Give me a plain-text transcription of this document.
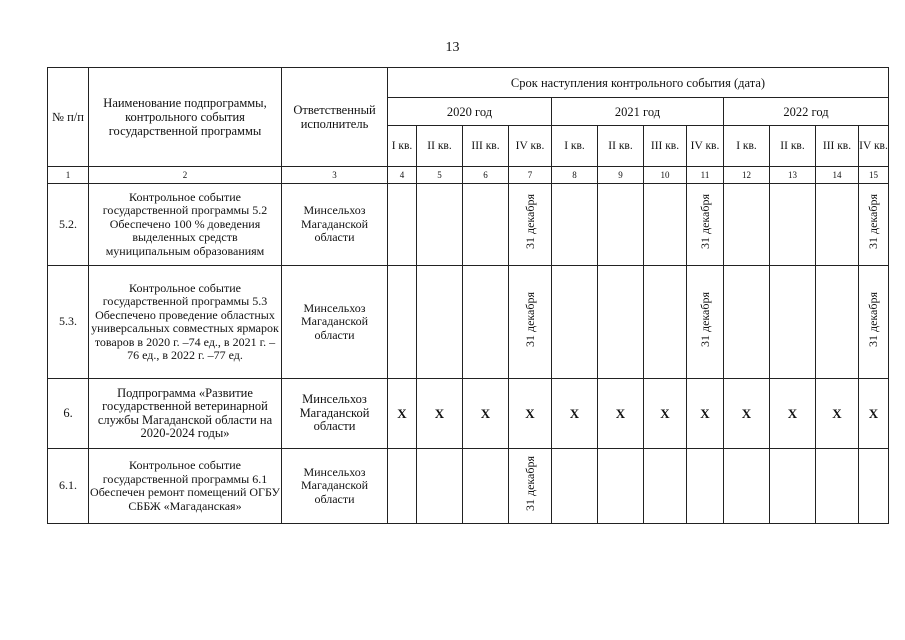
13
№ п/п	Наименование подпрограммы, контрольного события государственной программы	Ответственный исполнитель	Срок наступления контрольного события (дата)											
			2020 год				2021 год				2022 год			
			I кв.	II кв.	III кв.	IV кв.	I кв.	II кв.	III кв.	IV кв.	I кв.	II кв.	III кв.	IV кв.
1	2	3	4	5	6	7	8	9	10	11	12	13	14	15
5.2.	Контрольное событие государственной программы 5.2 Обеспечено 100 % доведения выделенных средств муниципальным образованиям	Минсельхоз Магаданской области				31 декабря				31 декабря				31 декабря
5.3.	Контрольное событие государственной программы 5.3 Обеспечено проведение областных универсальных совместных ярмарок товаров в 2020 г. –74 ед., в 2021 г. – 76 ед., в 2022 г. –77 ед.	Минсельхоз Магаданской области				31 декабря				31 декабря				31 декабря
6.	Подпрограмма «Развитие государственной ветеринарной службы Магаданской области на 2020-2024 годы»	Минсельхоз Магаданской области	Х	Х	Х	Х	Х	Х	Х	Х	Х	Х	Х	Х
6.1.	Контрольное событие государственной программы 6.1 Обеспечен ремонт помещений ОГБУ СББЖ «Магаданская»	Минсельхоз Магаданской области				31 декабря								
